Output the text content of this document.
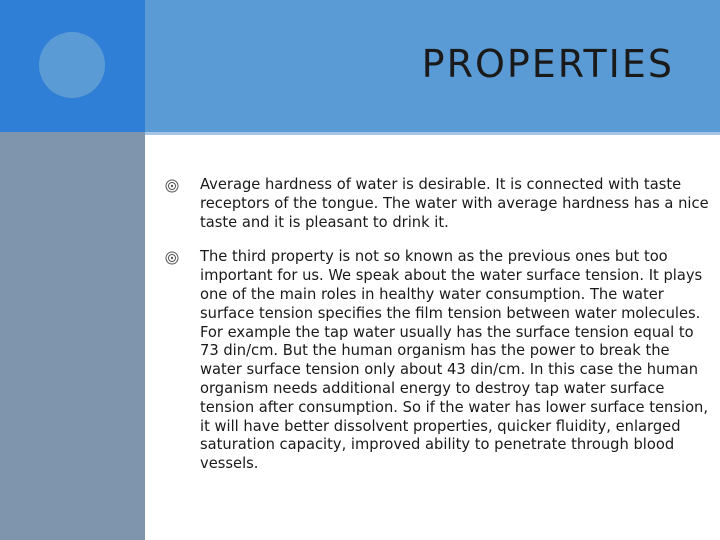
PROPERTIES

Average hardness of water is desirable. It is connected with taste receptors of the tongue. The water with average hardness has a nice taste and it is pleasant to drink it.

The third property is not so known as the previous ones but too important for us. We speak about the water surface tension. It plays one of the main roles in healthy water consumption. The water surface tension specifies the film tension between water molecules. For example the tap water usually has the surface tension equal to 73 din/cm. But the human organism has the power to break the water surface tension only about 43 din/cm. In this case the human organism needs additional energy to destroy tap water surface tension after consumption. So if the water has lower surface tension, it will have better dissolvent properties, quicker fluidity, enlarged saturation capacity, improved ability to penetrate through blood vessels.
